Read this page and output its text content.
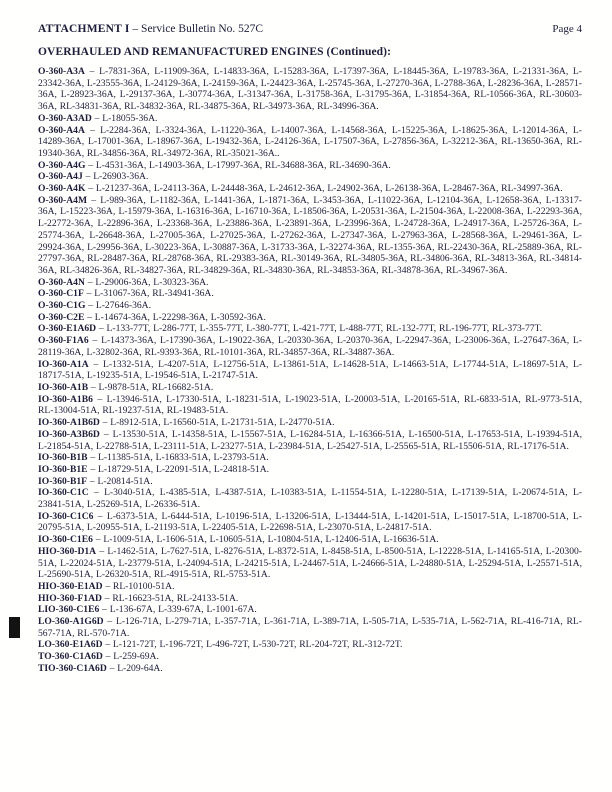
ATTACHMENT I – Service Bulletin No. 527C	Page 4
OVERHAULED AND REMANUFACTURED ENGINES (Continued):

O-360-A3A – L-7831-36A, L-11909-36A, L-14833-36A, L-15283-36A, L-17397-36A, L-18445-36A, L-19783-36A, L-21331-36A, L-23342-36A, L-23555-36A, L-24129-36A, L-24159-36A, L-24423-36A, L-25745-36A, L-27270-36A, L-2788-36A, L-28236-36A, L-28571-36A, L-28923-36A, L-29137-36A, L-30774-36A, L-31347-36A, L-31758-36A, L-31795-36A, L-31854-36A, RL-10566-36A, RL-30603-36A, RL-34831-36A, RL-34832-36A, RL-34875-36A, RL-34973-36A, RL-34996-36A.

O-360-A3AD – L-18055-36A.

O-360-A4A – L-2284-36A, L-3324-36A, L-11220-36A, L-14007-36A, L-14568-36A, L-15225-36A, L-18625-36A, L-12014-36A, L-14289-36A, L-17001-36A, L-18967-36A, L-19432-36A, L-24126-36A, L-17507-36A, L-27856-36A, L-32212-36A, RL-13650-36A, RL-19340-36A, RL-34856-36A, RL-34972-36A, RL-35021-36A..

O-360-A4G – L-4531-36A, L-14903-36A, L-17997-36A, RL-34688-36A, RL-34690-36A.

O-360-A4J – L-26903-36A.

O-360-A4K – L-21237-36A, L-24113-36A, L-24448-36A, L-24612-36A, L-24902-36A, L-26138-36A, L-28467-36A, RL-34997-36A.

O-360-A4M – L-989-36A, L-1182-36A, L-1441-36A, L-1871-36A, L-3453-36A, L-11022-36A, L-12104-36A, L-12658-36A, L-13317-36A, L-15223-36A, L-15979-36A, L-16316-36A, L-16710-36A, L-18506-36A, L-20531-36A, L-21504-36A, L-22008-36A, L-22293-36A, L-22772-36A, L-22896-36A, L-23368-36A, L-23886-36A, L-23891-36A, L-23996-36A, L-24728-36A, L-24917-36A, L-25726-36A, L-25774-36A, L-26648-36A, L-27005-36A, L-27025-36A, L-27262-36A, L-27347-36A, L-27963-36A, L-28568-36A, L-29461-36A, L-29924-36A, L-29956-36A, L-30223-36A, L-30887-36A, L-31733-36A, L-32274-36A, RL-1355-36A, RL-22430-36A, RL-25889-36A, RL-27797-36A, RL-28487-36A, RL-28768-36A, RL-29383-36A, RL-30149-36A, RL-34805-36A, RL-34806-36A, RL-34813-36A, RL-34814-36A, RL-34826-36A, RL-34827-36A, RL-34829-36A, RL-34830-36A, RL-34853-36A, RL-34878-36A, RL-34967-36A.

O-360-A4N – L-29006-36A, L-30323-36A.

O-360-C1F – L-31067-36A, RL-34941-36A.

O-360-C1G – L-27646-36A.

O-360-C2E – L-14674-36A, L-22298-36A, L-30592-36A.

O-360-E1A6D – L-133-77T, L-286-77T, L-355-77T, L-380-77T, L-421-77T, L-488-77T, RL-132-77T, RL-196-77T, RL-373-77T.

O-360-F1A6 – L-14373-36A, L-17390-36A, L-19022-36A, L-20330-36A, L-20370-36A, L-22947-36A, L-23006-36A, L-27647-36A, L-28119-36A, L-32802-36A, RL-9393-36A, RL-10101-36A, RL-34857-36A, RL-34887-36A.

IO-360-A1A – L-1332-51A, L-4207-51A, L-12756-51A, L-13861-51A, L-14628-51A, L-14663-51A, L-17744-51A, L-18697-51A, L-18717-51A, L-19235-51A, L-19546-51A, L-21747-51A.

IO-360-A1B – L-9878-51A, RL-16682-51A.

IO-360-A1B6 – L-13946-51A, L-17330-51A, L-18231-51A, L-19023-51A, L-20003-51A, L-20165-51A, RL-6833-51A, RL-9773-51A, RL-13004-51A, RL-19237-51A, RL-19483-51A.

IO-360-A1B6D – L-8912-51A, L-16560-51A, L-21731-51A, L-24770-51A.

IO-360-A3B6D – L-13530-51A, L-14358-51A, L-15567-51A, L-16284-51A, L-16366-51A, L-16500-51A, L-17653-51A, L-19394-51A, L-21854-51A, L-22788-51A, L-23111-51A, L-23277-51A, L-23984-51A, L-25427-51A, L-25565-51A, RL-15506-51A, RL-17176-51A.

IO-360-B1B – L-11385-51A, L-16833-51A, L-23793-51A.

IO-360-B1E – L-18729-51A, L-22091-51A, L-24818-51A.

IO-360-B1F – L-20814-51A.

IO-360-C1C – L-3040-51A, L-4385-51A, L-4387-51A, L-10383-51A, L-11554-51A, L-12280-51A, L-17139-51A, L-20674-51A, L-23841-51A, L-25269-51A, L-26336-51A.

IO-360-C1C6 – L-6373-51A, L-6444-51A, L-10196-51A, L-13206-51A, L-13444-51A, L-14201-51A, L-15017-51A, L-18700-51A, L-20795-51A, L-20955-51A, L-21193-51A, L-22405-51A, L-22698-51A, L-23070-51A, L-24817-51A.

IO-360-C1E6 – L-1009-51A, L-1606-51A, L-10605-51A, L-10804-51A, L-12406-51A, L-16636-51A.

HIO-360-D1A – L-1462-51A, L-7627-51A, L-8276-51A, L-8372-51A, L-8458-51A, L-8500-51A, L-12228-51A, L-14165-51A, L-20300-51A, L-22024-51A, L-23779-51A, L-24094-51A, L-24215-51A, L-24467-51A, L-24666-51A, L-24880-51A, L-25294-51A, L-25571-51A, L-25690-51A, L-26320-51A, RL-4915-51A, RL-5753-51A.

HIO-360-E1AD – RL-10100-51A.

HIO-360-F1AD – RL-16623-51A, RL-24133-51A.

LIO-360-C1E6 – L-136-67A, L-339-67A, L-1001-67A.

LO-360-A1G6D – L-126-71A, L-279-71A, L-357-71A, L-361-71A, L-389-71A, L-505-71A, L-535-71A, L-562-71A, RL-416-71A, RL-567-71A, RL-570-71A.

LO-360-E1A6D – L-121-72T, L-196-72T, L-496-72T, L-530-72T, RL-204-72T, RL-312-72T.

TO-360-C1A6D – L-259-69A.

TIO-360-C1A6D – L-209-64A.
